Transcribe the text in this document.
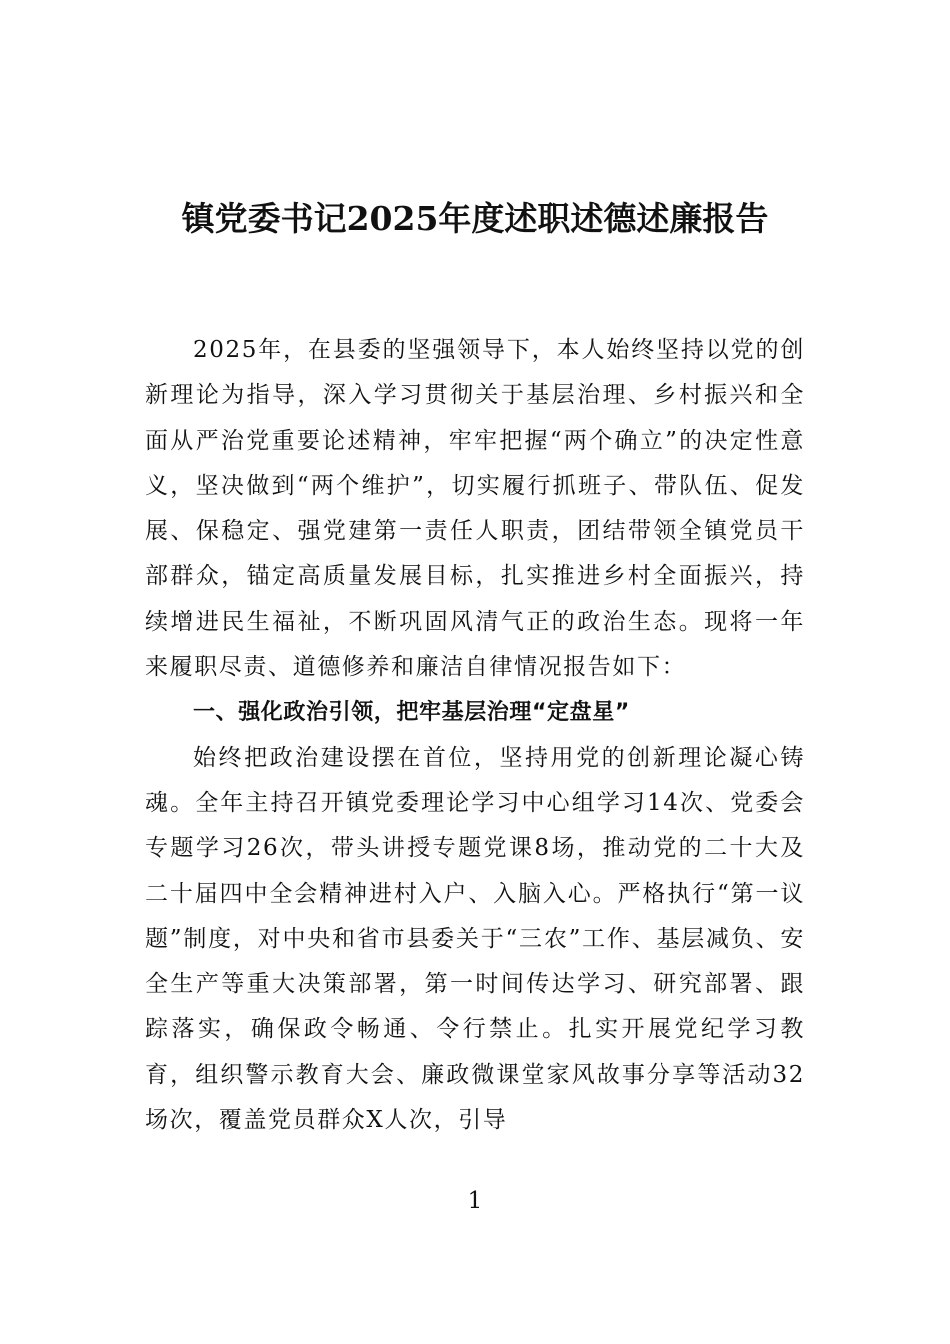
镇党委书记2025年度述职述德述廉报告

2025年，在县委的坚强领导下，本人始终坚持以党的创新理论为指导，深入学习贯彻关于基层治理、乡村振兴和全面从严治党重要论述精神，牢牢把握“两个确立”的决定性意义，坚决做到“两个维护”，切实履行抓班子、带队伍、促发展、保稳定、强党建第一责任人职责，团结带领全镇党员干部群众，锚定高质量发展目标，扎实推进乡村全面振兴，持续增进民生福祉，不断巩固风清气正的政治生态。现将一年来履职尽责、道德修养和廉洁自律情况报告如下：

一、强化政治引领，把牢基层治理“定盘星”

始终把政治建设摆在首位，坚持用党的创新理论凝心铸魂。全年主持召开镇党委理论学习中心组学习14次、党委会专题学习26次，带头讲授专题党课8场，推动党的二十大及二十届四中全会精神进村入户、入脑入心。严格执行“第一议题”制度，对中央和省市县委关于“三农”工作、基层减负、安全生产等重大决策部署，第一时间传达学习、研究部署、跟踪落实，确保政令畅通、令行禁止。扎实开展党纪学习教育，组织警示教育大会、廉政微课堂家风故事分享等活动32场次，覆盖党员群众X人次，引导

1
